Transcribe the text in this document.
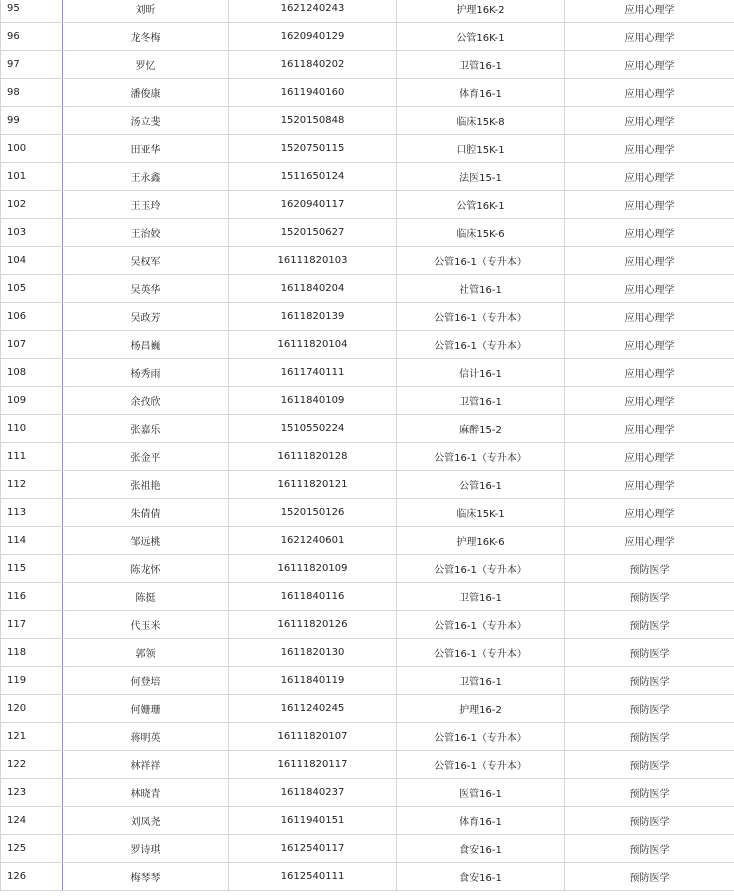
95	刘昕	1621240243	护理16K-2	应用心理学
96	龙冬梅	1620940129	公管16K-1	应用心理学
97	罗忆	1611840202	卫管16-1	应用心理学
98	潘俊康	1611940160	体育16-1	应用心理学
99	汤立斐	1520150848	临床15K-8	应用心理学
100	田亚华	1520750115	口腔15K-1	应用心理学
101	王永鑫	1511650124	法医15-1	应用心理学
102	王玉玲	1620940117	公管16K-1	应用心理学
103	王治姣	1520150627	临床15K-6	应用心理学
104	吴权军	16111820103	公管16-1（专升本）	应用心理学
105	吴英华	1611840204	社管16-1	应用心理学
106	吴政芳	1611820139	公管16-1（专升本）	应用心理学
107	杨昌巍	16111820104	公管16-1（专升本）	应用心理学
108	杨秀雨	1611740111	信计16-1	应用心理学
109	余孜欣	1611840109	卫管16-1	应用心理学
110	张嘉乐	1510550224	麻醉15-2	应用心理学
111	张金平	16111820128	公管16-1（专升本）	应用心理学
112	张祖艳	16111820121	公管16-1	应用心理学
113	朱倩倩	1520150126	临床15K-1	应用心理学
114	邹远桃	1621240601	护理16K-6	应用心理学
115	陈龙怀	16111820109	公管16-1（专升本）	预防医学
116	陈挺	1611840116	卫管16-1	预防医学
117	代玉米	16111820126	公管16-1（专升本）	预防医学
118	郭领	1611820130	公管16-1（专升本）	预防医学
119	何登培	1611840119	卫管16-1	预防医学
120	何姗珊	1611240245	护理16-2	预防医学
121	蒋明英	16111820107	公管16-1（专升本）	预防医学
122	林祥祥	16111820117	公管16-1（专升本）	预防医学
123	林晓青	1611840237	医管16-1	预防医学
124	刘凤尧	1611940151	体育16-1	预防医学
125	罗诗琪	1612540117	食安16-1	预防医学
126	梅琴琴	1612540111	食安16-1	预防医学
